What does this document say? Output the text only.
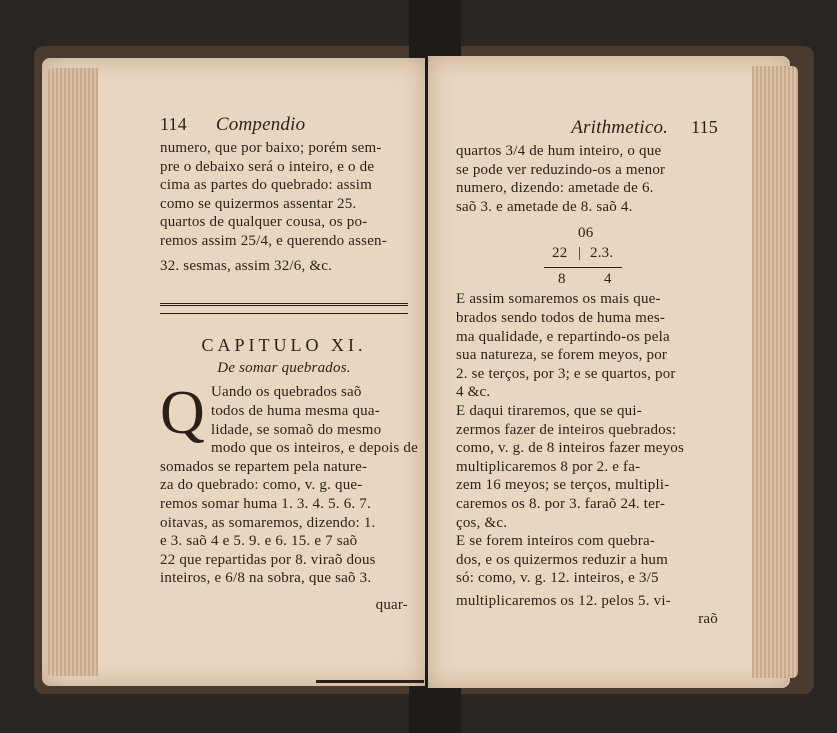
114 Compendio
numero, que por baixo; porém sem-
pre o debaixo será o inteiro, e o de
cima as partes do quebrado: assim
como se quizermos assentar 25.
quartos de qualquer cousa, os po-
remos assim 25/4, e querendo assen-
32. sesmas, assim 32/6, &c.
CAPITULO XI.
De somar quebrados.
Q Uando os quebrados saõ
todos de huma mesma qua-
lidade, se somaõ do mesmo
modo que os inteiros, e depois de
somados se repartem pela nature-
za do quebrado: como, v. g. que-
remos somar huma 1. 3. 4. 5. 6. 7.
oitavas, as somaremos, dizendo: 1.
e 3. saõ 4 e 5. 9. e 6. 15. e 7 saõ
22 que repartidas por 8. viraõ dous
inteiros, e 6/8 na sobra, que saõ 3.
quar-
Arithmetico. 115
quartos 3/4 de hum inteiro, o que
se pode ver reduzindo-os a menor
numero, dizendo: ametade de 6.
saõ 3. e ametade de 8. saõ 4.
06
22 | 2.3.
8	4
E assim somaremos os mais que-
brados sendo todos de huma mes-
ma qualidade, e repartindo-os pela
sua natureza, se forem meyos, por
2. se terços, por 3; e se quartos, por
4 &c.
E daqui tiraremos, que se qui-
zermos fazer de inteiros quebrados:
como, v. g. de 8 inteiros fazer meyos
multiplicaremos 8 por 2. e fa-
zem 16 meyos; se terços, multipli-
caremos os 8. por 3. faraõ 24. ter-
ços, &c.
E se forem inteiros com quebra-
dos, e os quizermos reduzir a hum
só: como, v. g. 12. inteiros, e 3/5
multiplicaremos os 12. pelos 5. vi-
raõ
